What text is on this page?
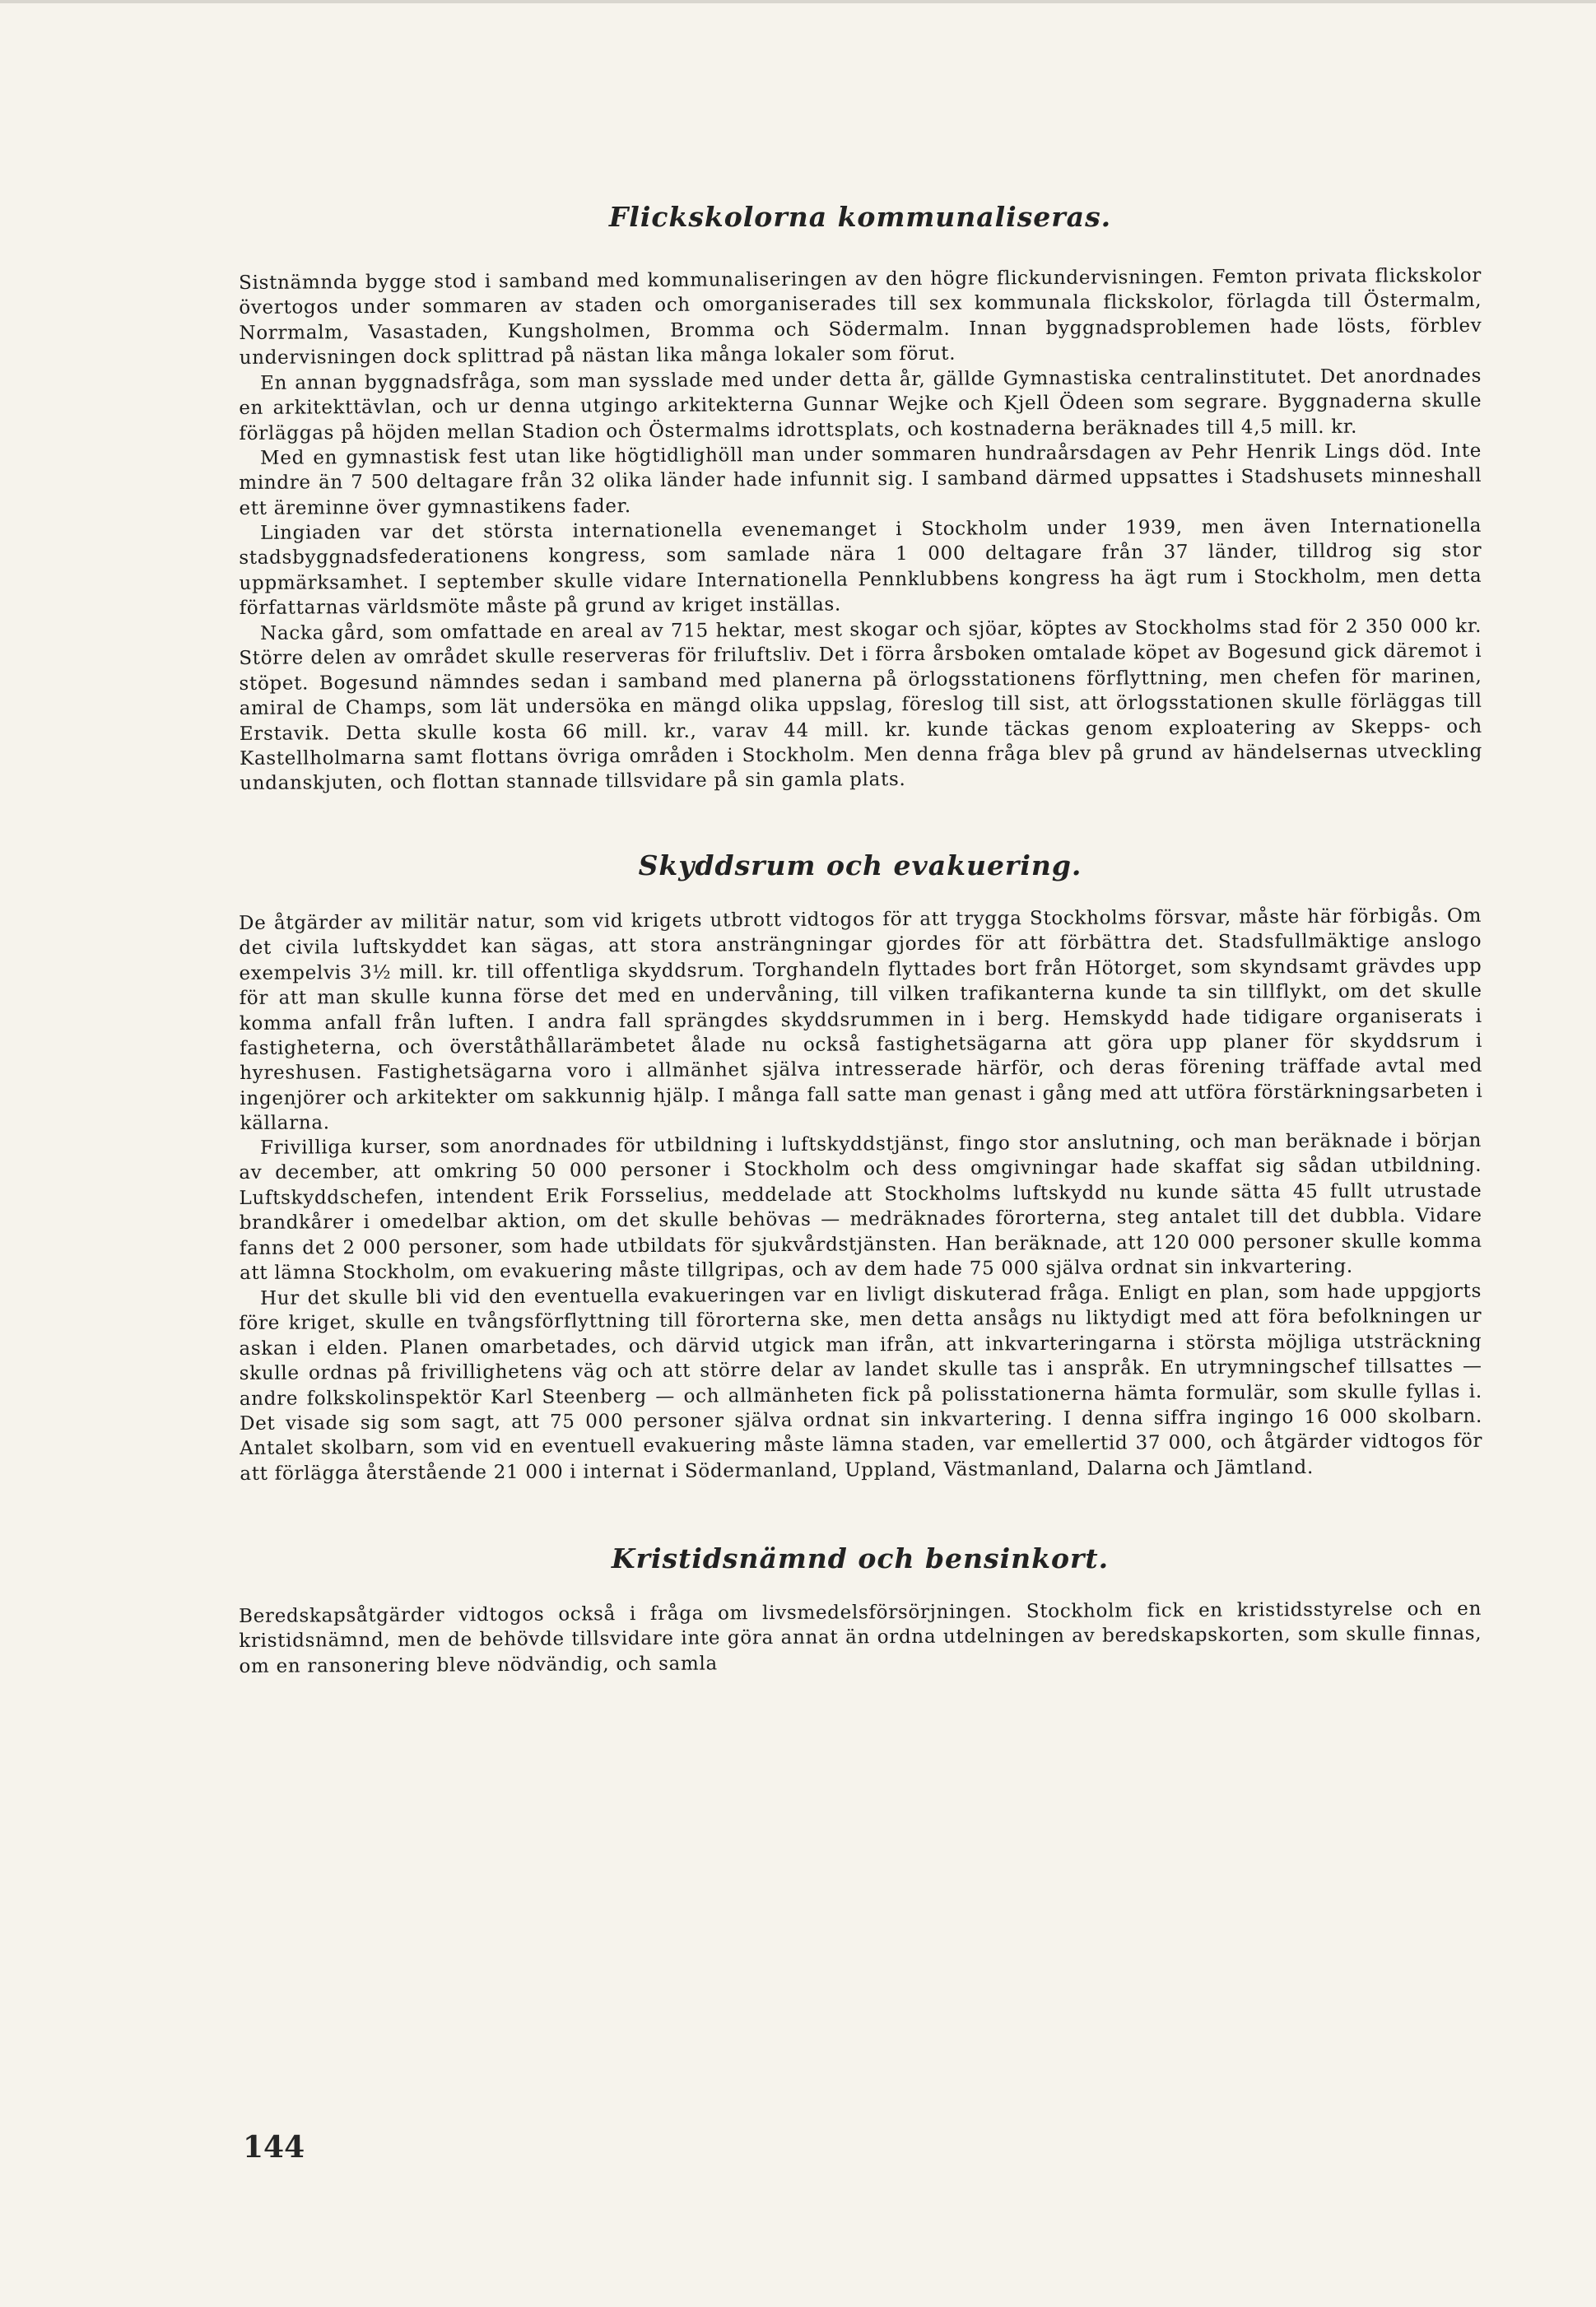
Flickskolorna kommunaliseras.

Sistnämnda bygge stod i samband med kommunaliseringen av den högre flickundervisningen. Femton privata flickskolor övertogos under sommaren av staden och omorganiserades till sex kommunala flickskolor, förlagda till Östermalm, Norrmalm, Vasastaden, Kungsholmen, Bromma och Södermalm. Innan byggnadsproblemen hade lösts, förblev undervisningen dock splittrad på nästan lika många lokaler som förut.

En annan byggnadsfråga, som man sysslade med under detta år, gällde Gymnastiska centralinstitutet. Det anordnades en arkitekttävlan, och ur denna utgingo arkitekterna Gunnar Wejke och Kjell Ödeen som segrare. Byggnaderna skulle förläggas på höjden mellan Stadion och Östermalms idrottsplats, och kostnaderna beräknades till 4,5 mill. kr.

Med en gymnastisk fest utan like högtidlighöll man under sommaren hundraårsdagen av Pehr Henrik Lings död. Inte mindre än 7 500 deltagare från 32 olika länder hade infunnit sig. I samband därmed uppsattes i Stadshusets minneshall ett äreminne över gymnastikens fader.

Lingiaden var det största internationella evenemanget i Stockholm under 1939, men även Internationella stadsbyggnadsfederationens kongress, som samlade nära 1 000 deltagare från 37 länder, tilldrog sig stor uppmärksamhet. I september skulle vidare Internationella Pennklubbens kongress ha ägt rum i Stockholm, men detta författarnas världsmöte måste på grund av kriget inställas.

Nacka gård, som omfattade en areal av 715 hektar, mest skogar och sjöar, köptes av Stockholms stad för 2 350 000 kr. Större delen av området skulle reserveras för friluftsliv. Det i förra årsboken omtalade köpet av Bogesund gick däremot i stöpet. Bogesund nämndes sedan i samband med planerna på örlogsstationens förflyttning, men chefen för marinen, amiral de Champs, som lät undersöka en mängd olika uppslag, föreslog till sist, att örlogsstationen skulle förläggas till Erstavik. Detta skulle kosta 66 mill. kr., varav 44 mill. kr. kunde täckas genom exploatering av Skepps- och Kastellholmarna samt flottans övriga områden i Stockholm. Men denna fråga blev på grund av händelsernas utveckling undanskjuten, och flottan stannade tillsvidare på sin gamla plats.

Skyddsrum och evakuering.

De åtgärder av militär natur, som vid krigets utbrott vidtogos för att trygga Stockholms försvar, måste här förbigås. Om det civila luftskyddet kan sägas, att stora ansträngningar gjordes för att förbättra det. Stadsfullmäktige anslogo exempelvis 3½ mill. kr. till offentliga skyddsrum. Torghandeln flyttades bort från Hötorget, som skyndsamt grävdes upp för att man skulle kunna förse det med en undervåning, till vilken trafikanterna kunde ta sin tillflykt, om det skulle komma anfall från luften. I andra fall sprängdes skyddsrummen in i berg. Hemskydd hade tidigare organiserats i fastigheterna, och överståthållarämbetet ålade nu också fastighetsägarna att göra upp planer för skyddsrum i hyreshusen. Fastighetsägarna voro i allmänhet själva intresserade härför, och deras förening träffade avtal med ingenjörer och arkitekter om sakkunnig hjälp. I många fall satte man genast i gång med att utföra förstärkningsarbeten i källarna.

Frivilliga kurser, som anordnades för utbildning i luftskyddstjänst, fingo stor anslutning, och man beräknade i början av december, att omkring 50 000 personer i Stockholm och dess omgivningar hade skaffat sig sådan utbildning. Luftskyddschefen, intendent Erik Forsselius, meddelade att Stockholms luftskydd nu kunde sätta 45 fullt utrustade brandkårer i omedelbar aktion, om det skulle behövas — medräknades förorterna, steg antalet till det dubbla. Vidare fanns det 2 000 personer, som hade utbildats för sjukvårdstjänsten. Han beräknade, att 120 000 personer skulle komma att lämna Stockholm, om evakuering måste tillgripas, och av dem hade 75 000 själva ordnat sin inkvartering.

Hur det skulle bli vid den eventuella evakueringen var en livligt diskuterad fråga. Enligt en plan, som hade uppgjorts före kriget, skulle en tvångsförflyttning till förorterna ske, men detta ansågs nu liktydigt med att föra befolkningen ur askan i elden. Planen omarbetades, och därvid utgick man ifrån, att inkvarteringarna i största möjliga utsträckning skulle ordnas på frivillighetens väg och att större delar av landet skulle tas i anspråk. En utrymningschef tillsattes — andre folkskolinspektör Karl Steenberg — och allmänheten fick på polisstationerna hämta formulär, som skulle fyllas i. Det visade sig som sagt, att 75 000 personer själva ordnat sin inkvartering. I denna siffra ingingo 16 000 skolbarn. Antalet skolbarn, som vid en eventuell evakuering måste lämna staden, var emellertid 37 000, och åtgärder vidtogos för att förlägga återstående 21 000 i internat i Södermanland, Uppland, Västmanland, Dalarna och Jämtland.

Kristidsnämnd och bensinkort.

Beredskapsåtgärder vidtogos också i fråga om livsmedelsförsörjningen. Stockholm fick en kristidsstyrelse och en kristidsnämnd, men de behövde tillsvidare inte göra annat än ordna utdelningen av beredskapskorten, som skulle finnas, om en ransonering bleve nödvändig, och samla

144
